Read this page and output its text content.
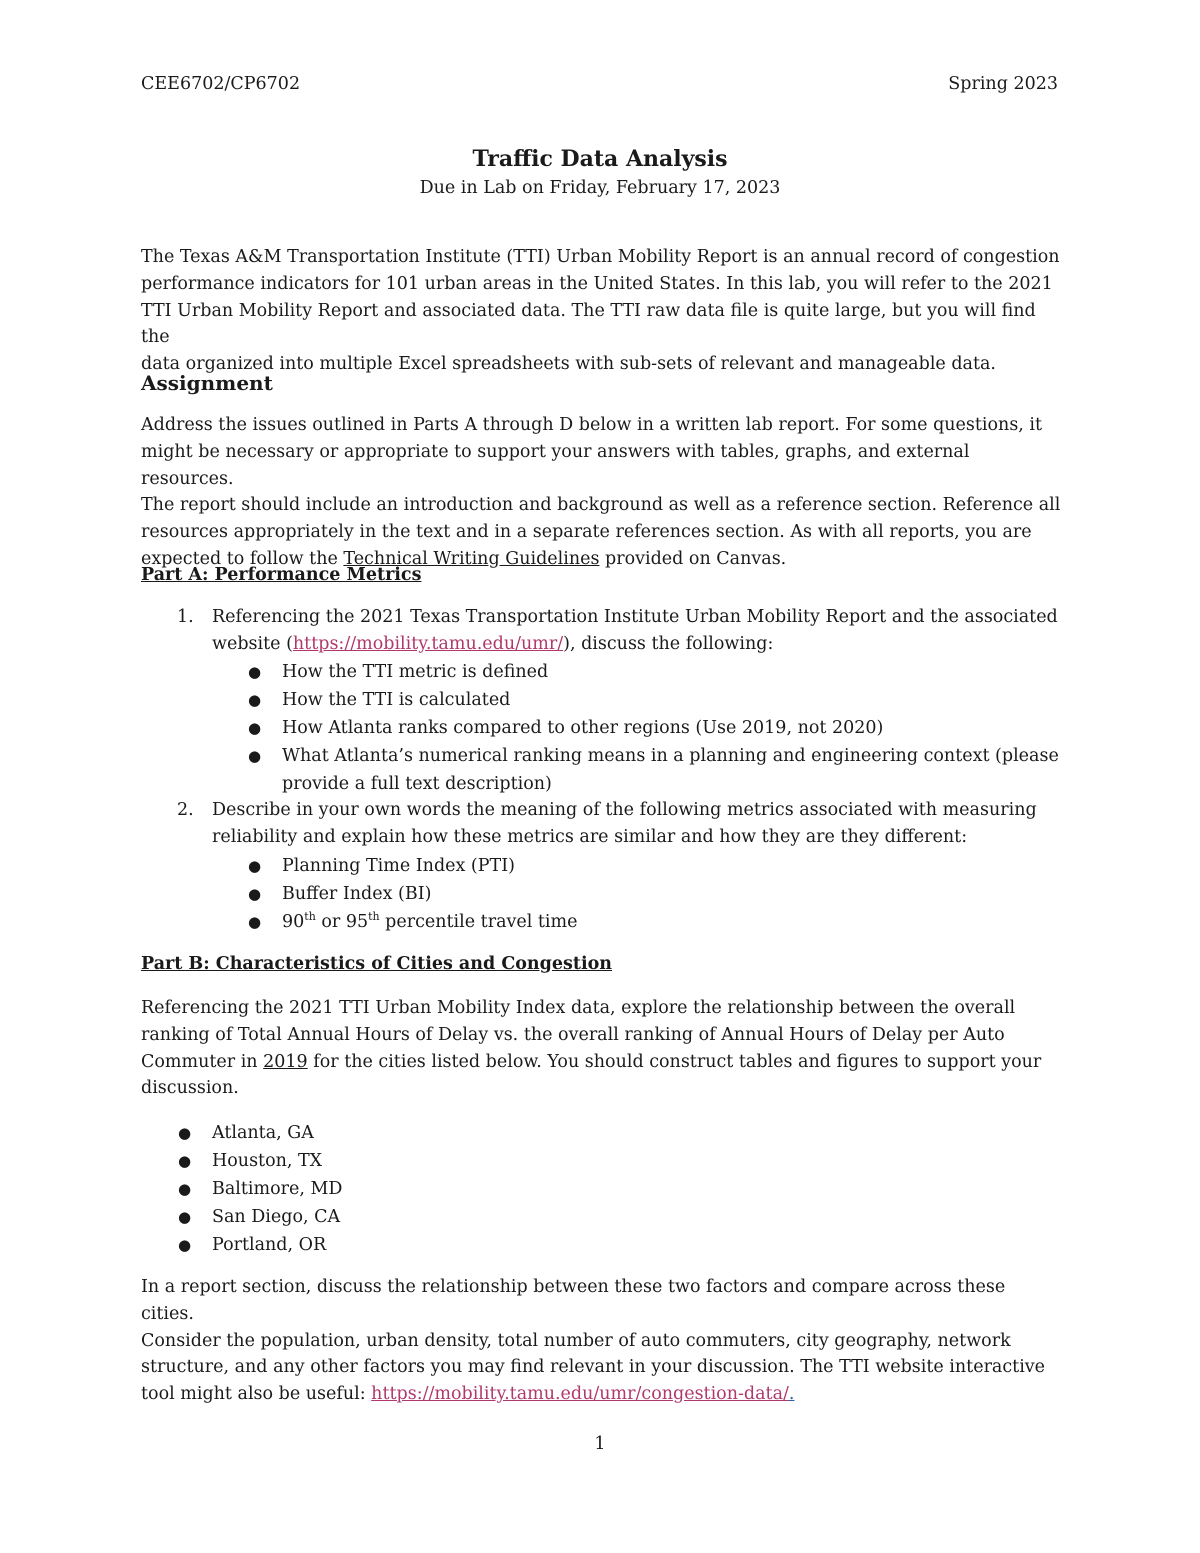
CEE6702/CP6702	Spring 2023
Traffic Data Analysis
Due in Lab on Friday, February 17, 2023
The Texas A&M Transportation Institute (TTI) Urban Mobility Report is an annual record of congestion
performance indicators for 101 urban areas in the United States. In this lab, you will refer to the 2021
TTI Urban Mobility Report and associated data. The TTI raw data file is quite large, but you will find the
data organized into multiple Excel spreadsheets with sub-sets of relevant and manageable data.
Assignment
Address the issues outlined in Parts A through D below in a written lab report. For some questions, it
might be necessary or appropriate to support your answers with tables, graphs, and external resources.
The report should include an introduction and background as well as a reference section. Reference all
resources appropriately in the text and in a separate references section. As with all reports, you are
expected to follow the Technical Writing Guidelines provided on Canvas.
Part A: Performance Metrics
1. Referencing the 2021 Texas Transportation Institute Urban Mobility Report and the associated
website (https://mobility.tamu.edu/umr/), discuss the following:
● How the TTI metric is defined
● How the TTI is calculated
● How Atlanta ranks compared to other regions (Use 2019, not 2020)
● What Atlanta’s numerical ranking means in a planning and engineering context (please
provide a full text description)
2. Describe in your own words the meaning of the following metrics associated with measuring
reliability and explain how these metrics are similar and how they are they different:
● Planning Time Index (PTI)
● Buffer Index (BI)
● 90th or 95th percentile travel time
Part B: Characteristics of Cities and Congestion
Referencing the 2021 TTI Urban Mobility Index data, explore the relationship between the overall
ranking of Total Annual Hours of Delay vs. the overall ranking of Annual Hours of Delay per Auto
Commuter in 2019 for the cities listed below. You should construct tables and figures to support your
discussion.
● Atlanta, GA
● Houston, TX
● Baltimore, MD
● San Diego, CA
● Portland, OR
In a report section, discuss the relationship between these two factors and compare across these cities.
Consider the population, urban density, total number of auto commuters, city geography, network
structure, and any other factors you may find relevant in your discussion. The TTI website interactive
tool might also be useful: https://mobility.tamu.edu/umr/congestion-data/.
1
